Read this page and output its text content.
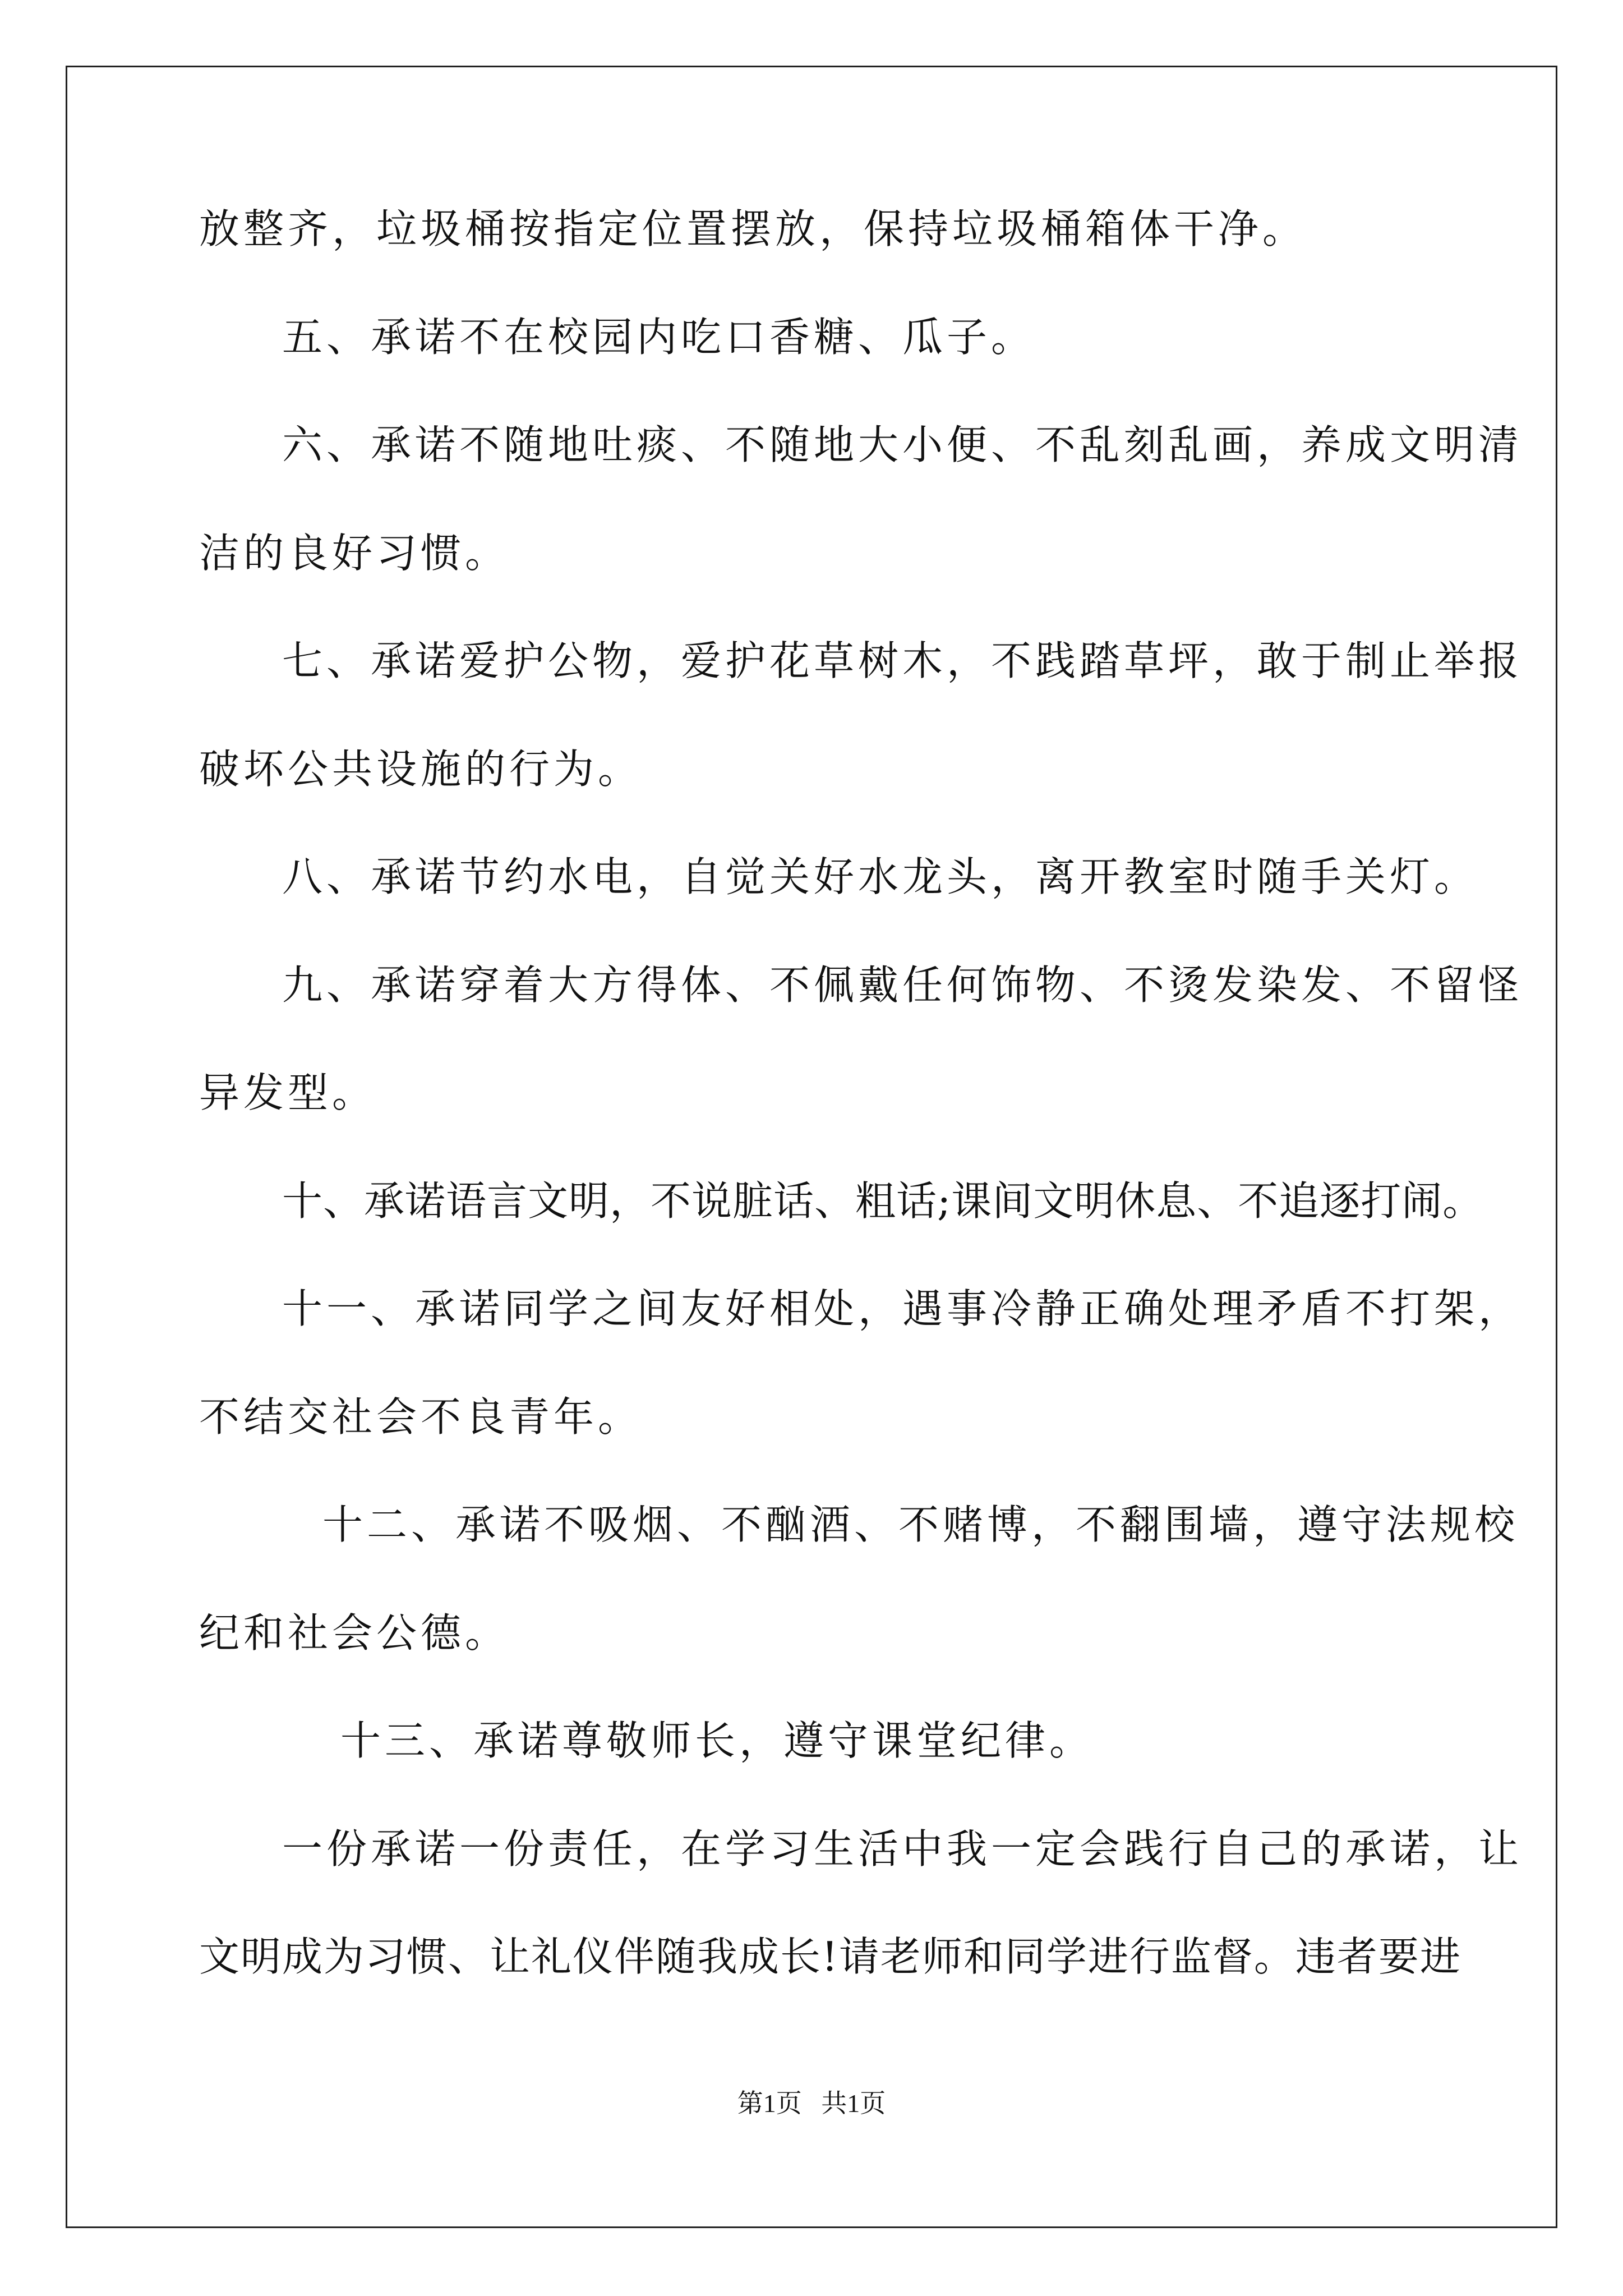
放整齐，垃圾桶按指定位置摆放，保持垃圾桶箱体干净。
五、承诺不在校园内吃口香糖、瓜子。
六、承诺不随地吐痰、不随地大小便、不乱刻乱画，养成文明清
洁的良好习惯。
七、承诺爱护公物，爱护花草树木，不践踏草坪，敢于制止举报
破坏公共设施的行为。
八、承诺节约水电，自觉关好水龙头，离开教室时随手关灯。
九、承诺穿着大方得体、不佩戴任何饰物、不烫发染发、不留怪
异发型。
十、承诺语言文明，不说脏话、粗话;课间文明休息、不追逐打闹。
十一、承诺同学之间友好相处，遇事冷静正确处理矛盾不打架，
不结交社会不良青年。
十二、承诺不吸烟、不酗酒、不赌博，不翻围墙，遵守法规校
纪和社会公德。
十三、承诺尊敬师长，遵守课堂纪律。
一份承诺一份责任，在学习生活中我一定会践行自己的承诺，让
文明成为习惯、让礼仪伴随我成长!请老师和同学进行监督。违者要进
第1页   共1页
